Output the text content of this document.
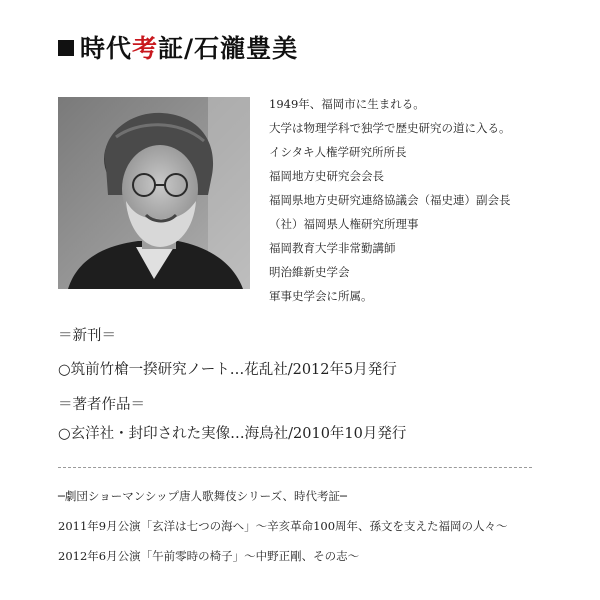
時代考証/石瀧豊美
1949年、福岡市に生まれる。
大学は物理学科で独学で歴史研究の道に入る。
イシタキ人権学研究所所長
福岡地方史研究会会長
福岡県地方史研究連絡協議会（福史連）副会長
（社）福岡県人権研究所理事
福岡教育大学非常勤講師
明治維新史学会
軍事史学会に所属。
＝新刊＝
○筑前竹槍一揆研究ノート…花乱社/2012年5月発行
＝著者作品＝
○玄洋社・封印された実像…海鳥社/2010年10月発行
─劇団ショーマンシップ唐人歌舞伎シリーズ、時代考証─
2011年9月公演「玄洋は七つの海へ」～辛亥革命100周年、孫文を支えた福岡の人々～
2012年6月公演「午前零時の椅子」～中野正剛、その志～
